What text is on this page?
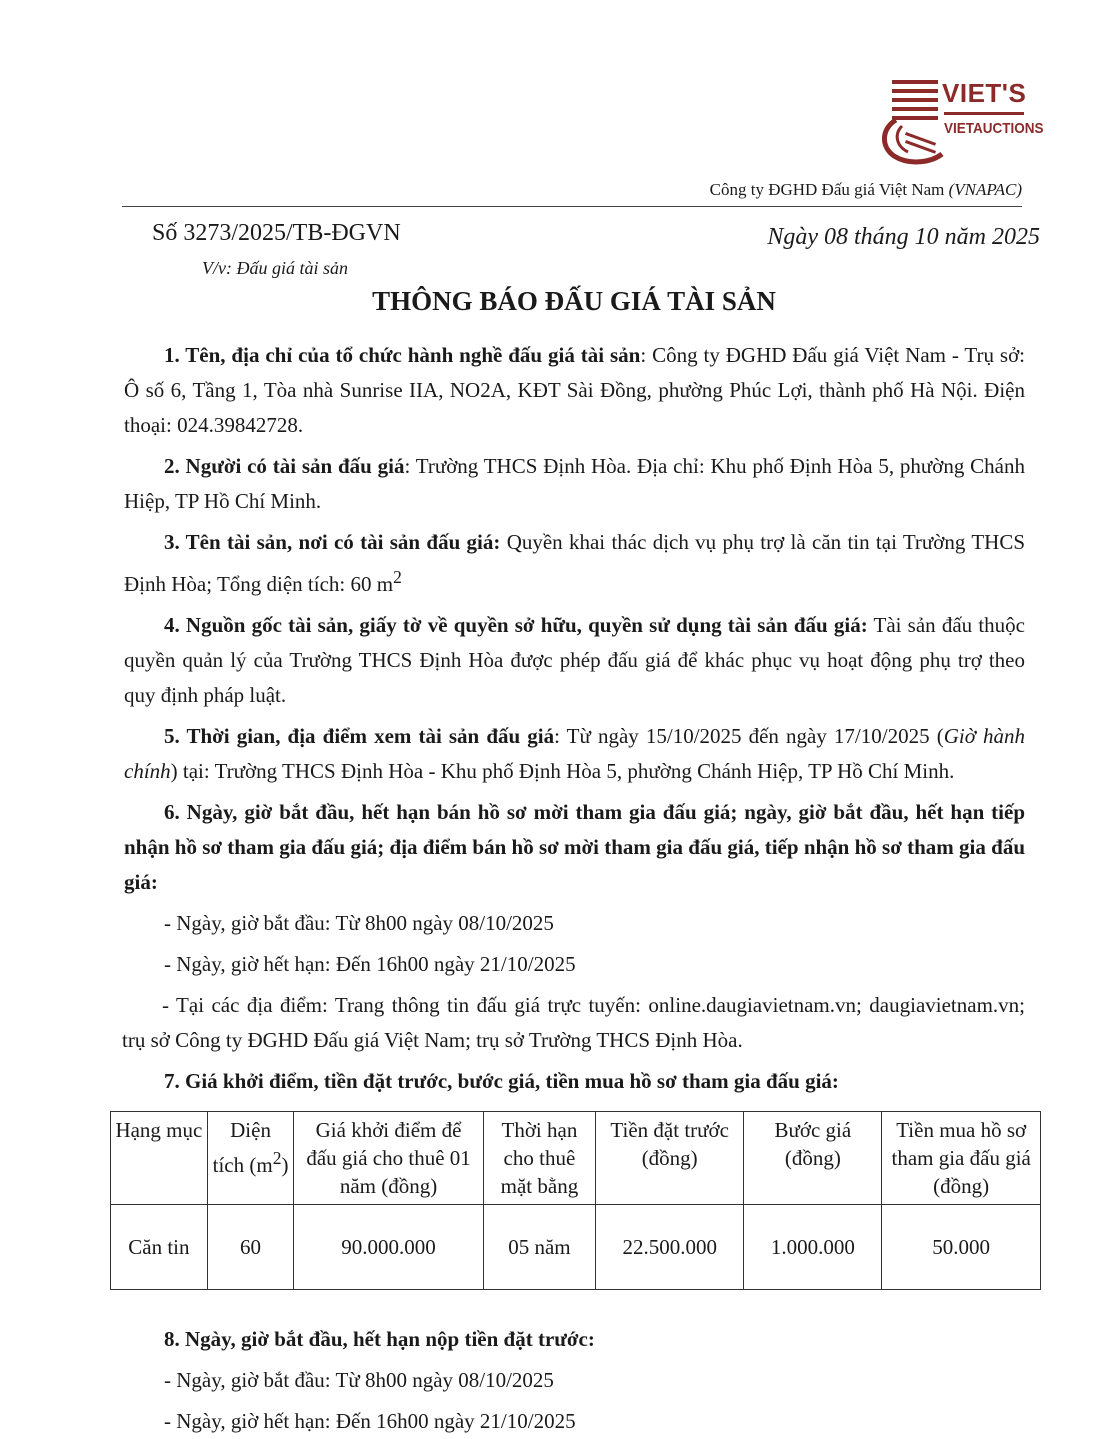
VIET'S
VIETAUCTIONS
Công ty ĐGHD Đấu giá Việt Nam (VNAPAC)
Số 3273/2025/TB-ĐGVN	Ngày 08 tháng 10 năm 2025
V/v: Đấu giá tài sản
THÔNG BÁO ĐẤU GIÁ TÀI SẢN

1. Tên, địa chỉ của tổ chức hành nghề đấu giá tài sản: Công ty ĐGHD Đấu giá Việt Nam - Trụ sở: Ô số 6, Tầng 1, Tòa nhà Sunrise IIA, NO2A, KĐT Sài Đồng, phường Phúc Lợi, thành phố Hà Nội. Điện thoại: 024.39842728.

2. Người có tài sản đấu giá: Trường THCS Định Hòa. Địa chỉ: Khu phố Định Hòa 5, phường Chánh Hiệp, TP Hồ Chí Minh.

3. Tên tài sản, nơi có tài sản đấu giá: Quyền khai thác dịch vụ phụ trợ là căn tin tại Trường THCS Định Hòa; Tổng diện tích: 60 $m^2$

4. Nguồn gốc tài sản, giấy tờ về quyền sở hữu, quyền sử dụng tài sản đấu giá: Tài sản đấu thuộc quyền quản lý của Trường THCS Định Hòa được phép đấu giá để khác phục vụ hoạt động phụ trợ theo quy định pháp luật.

5. Thời gian, địa điểm xem tài sản đấu giá: Từ ngày 15/10/2025 đến ngày 17/10/2025 (Giờ hành chính) tại: Trường THCS Định Hòa - Khu phố Định Hòa 5, phường Chánh Hiệp, TP Hồ Chí Minh.

6. Ngày, giờ bắt đầu, hết hạn bán hồ sơ mời tham gia đấu giá; ngày, giờ bắt đầu, hết hạn tiếp nhận hồ sơ tham gia đấu giá; địa điểm bán hồ sơ mời tham gia đấu giá, tiếp nhận hồ sơ tham gia đấu giá:

- Ngày, giờ bắt đầu: Từ 8h00 ngày 08/10/2025
- Ngày, giờ hết hạn: Đến 16h00 ngày 21/10/2025

- Tại các địa điểm: Trang thông tin đấu giá trực tuyến: online.daugiavietnam.vn; daugiavietnam.vn; trụ sở Công ty ĐGHD Đấu giá Việt Nam; trụ sở Trường THCS Định Hòa.

7. Giá khởi điểm, tiền đặt trước, bước giá, tiền mua hồ sơ tham gia đấu giá:

Hạng mục	Diện tích $(m^2)$	Giá khởi điểm để đấu giá cho thuê 01 năm (đồng)	Thời hạn cho thuê mặt bằng	Tiền đặt trước (đồng)	Bước giá (đồng)	Tiền mua hồ sơ tham gia đấu giá (đồng)
Căn tin	60	90.000.000	05 năm	22.500.000	1.000.000	50.000
8. Ngày, giờ bắt đầu, hết hạn nộp tiền đặt trước:
- Ngày, giờ bắt đầu: Từ 8h00 ngày 08/10/2025
- Ngày, giờ hết hạn: Đến 16h00 ngày 21/10/2025
